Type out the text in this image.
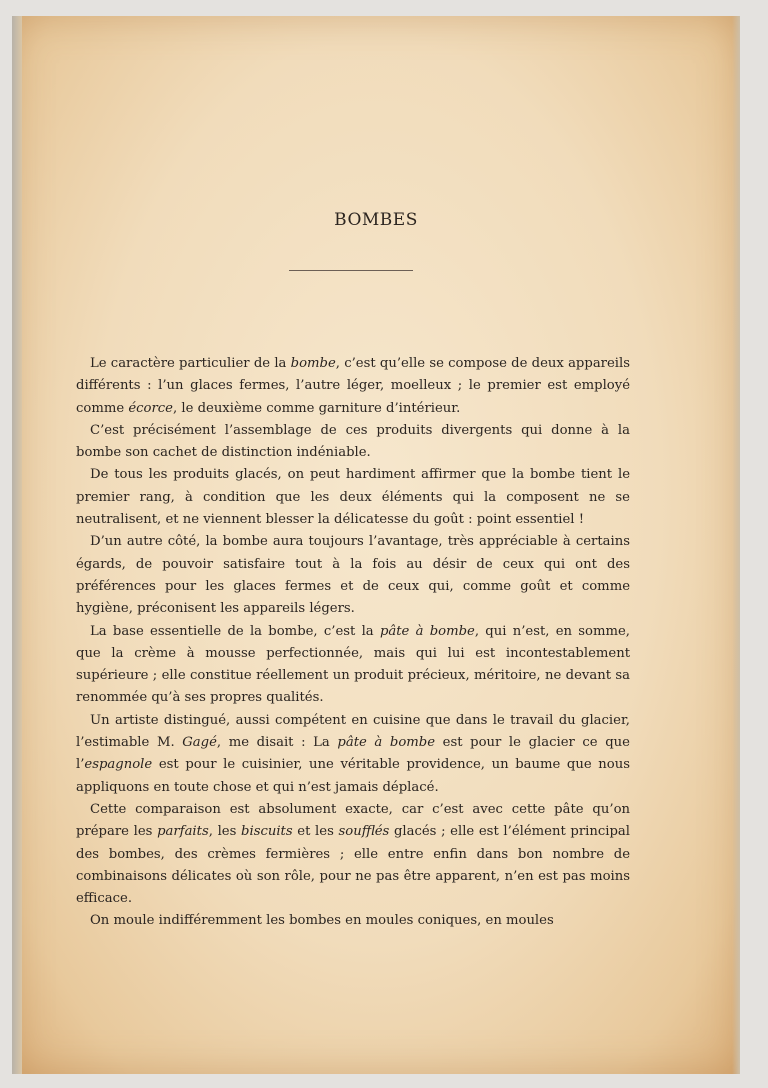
BOMBES

Le caractère particulier de la bombe, c’est qu’elle se compose de deux appareils différents : l’un glaces fermes, l’autre léger, moelleux ; le premier est employé comme écorce, le deuxième comme garniture d’intérieur.

C’est précisément l’assemblage de ces produits divergents qui donne à la bombe son cachet de distinction indéniable.

De tous les produits glacés, on peut hardiment affirmer que la bombe tient le premier rang, à condition que les deux éléments qui la composent ne se neutralisent, et ne viennent blesser la délicatesse du goût : point essentiel !

D’un autre côté, la bombe aura toujours l’avantage, très appréciable à certains égards, de pouvoir satisfaire tout à la fois au désir de ceux qui ont des préférences pour les glaces fermes et de ceux qui, comme goût et comme hygiène, préconisent les appareils légers.

La base essentielle de la bombe, c’est la pâte à bombe, qui n’est, en somme, que la crème à mousse perfectionnée, mais qui lui est incontestablement supérieure ; elle constitue réellement un produit précieux, méritoire, ne devant sa renommée qu’à ses propres qualités.

Un artiste distingué, aussi compétent en cuisine que dans le travail du glacier, l’estimable M. Gagé, me disait : La pâte à bombe est pour le glacier ce que l’espagnole est pour le cuisinier, une véritable providence, un baume que nous appliquons en toute chose et qui n’est jamais déplacé.

Cette comparaison est absolument exacte, car c’est avec cette pâte qu’on prépare les parfaits, les biscuits et les soufflés glacés ; elle est l’élément principal des bombes, des crèmes fermières ; elle entre enfin dans bon nombre de combinaisons délicates où son rôle, pour ne pas être apparent, n’en est pas moins efficace.

On moule indifféremment les bombes en moules coniques, en moules
